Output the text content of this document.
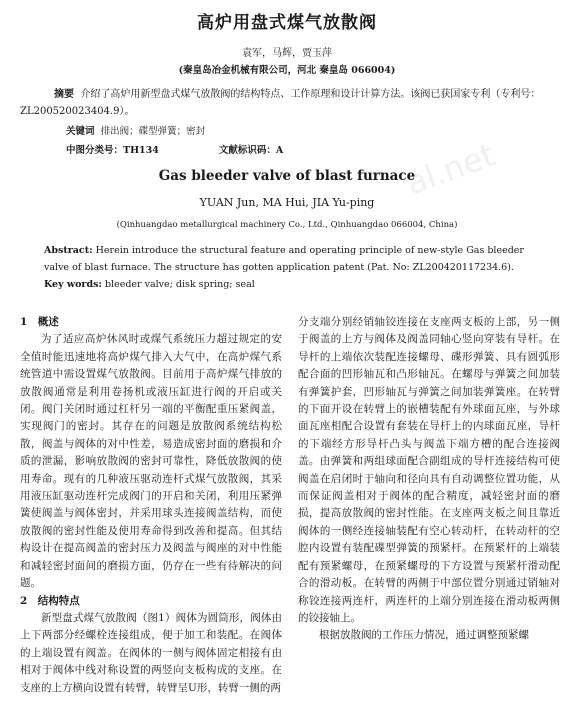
高炉用盘式煤气放散阀
袁军，马辉，贾玉萍
(秦皇岛冶金机械有限公司，河北 秦皇岛 066004)
摘要 介绍了高炉用新型盘式煤气放散阀的结构特点、工作原理和设计计算方法。该阀已获国家专利（专利号：ZL200520023404.9）。
关键词 排出阀；碟型弹簧；密封
中图分类号：TH134	文献标识码：A	al.net
Gas bleeder valve of blast furnace
YUAN Jun, MA Hui, JIA Yu-ping
(Qinhuangdao metallurgical machinery Co., Ltd., Qinhuangdao 066004, China)
Abstract: Herein introduce the structural feature and operating principle of new-style Gas bleeder valve of blast furnace. The structure has gotten application patent (Pat. No: ZL200420117234.6).
Key words: bleeder valve; disk spring; seal

1　概述

为了适应高炉休风时或煤气系统压力超过规定的安全值时能迅速地将高炉煤气排入大气中，在高炉煤气系统管道中需设置煤气放散阀。目前用于高炉煤气排放的放散阀通常是利用卷扬机或液压缸进行阀的开启或关闭。阀门关闭时通过杠杆另一端的平衡配重压紧阀盖，实现阀门的密封。其存在的问题是放散阀系统结构松散，阀盖与阀体的对中性差，易造成密封面的磨损和介质的泄漏，影响放散阀的密封可靠性，降低放散阀的使用寿命。现有的几种液压驱动连杆式煤气放散阀，其采用液压缸驱动连杆完成阀门的开启和关闭，利用压紧弹簧使阀盖与阀体密封，并采用球头连接阀盖结构，而使放散阀的密封性能及使用寿命得到改善和提高。但其结构设计在提高阀盖的密封压力及阀盖与阀座的对中性能和减轻密封面间的磨损方面，仍存在一些有待解决的问题。

2　结构特点

新型盘式煤气放散阀（图1）阀体为圆筒形，阀体由上下两部分经螺栓连接组成，便于加工和装配。在阀体的上端设置有阀盖。在阀体的一侧与阀体固定相接有由相对于阀体中线对称设置的两竖向支板构成的支座。在支座的上方横向设置有转臂，转臂呈U形，转臂一侧的两

分支端分别经销轴铰连接在支座两支板的上部，另一侧于阀盖的上方与阀体及阀盖同轴心竖向穿装有导杆。在导杆的上端依次装配连接螺母、碟形弹簧、具有圆弧形配合面的凹形轴瓦和凸形轴瓦。在螺母与弹簧之间加装有弹簧护套，凹形轴瓦与弹簧之间加装弹簧座。在转臂的下面开设在转臂上的嵌槽装配有外球面瓦座，与外球面瓦座相配合设置有套装在导杆上的内球面瓦座，导杆的下端经方形导杆凸头与阀盖下端方槽的配合连接阀盖。由弹簧和两组球面配合副组成的导杆连接结构可使阀盖在启闭时于轴向和径向具有自动调整位置功能，从而保证阀盖相对于阀体的配合精度，减轻密封面的磨损，提高放散阀的密封性能。在支座两支板之间且靠近阀体的一侧经连接轴装配有空心转动杆，在转动杆的空腔内设置有装配碟型弹簧的预紧杆。在预紧杆的上端装配有预紧螺母，在预紧螺母的下方设置与预紧杆滑动配合的滑动板。在转臂的两侧于中部位置分别通过销轴对称铰连接两连杆，两连杆的上端分别连接在滑动板两侧的铰接轴上。

根据放散阀的工作压力情况，通过调整预紧螺
